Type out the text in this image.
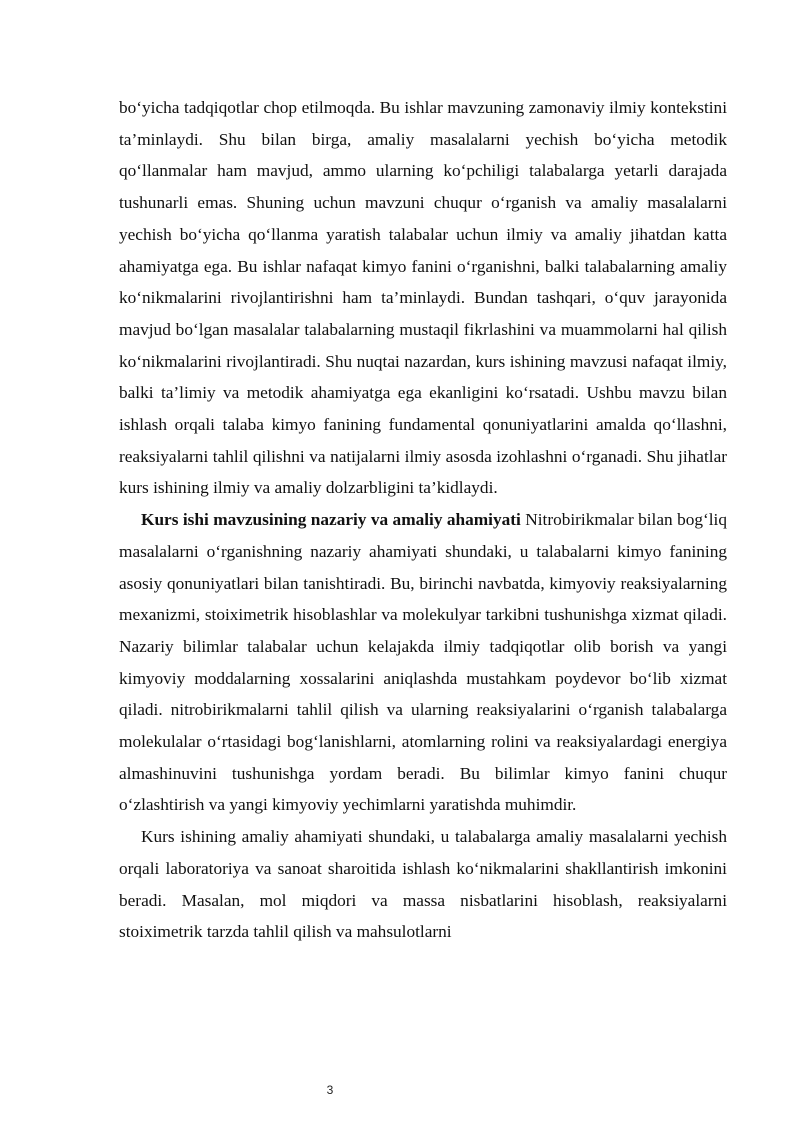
bo‘yicha tadqiqotlar chop etilmoqda. Bu ishlar mavzuning zamonaviy ilmiy kontekstini ta’minlaydi. Shu bilan birga, amaliy masalalarni yechish bo‘yicha metodik qo‘llanmalar ham mavjud, ammo ularning ko‘pchiligi talabalarga yetarli darajada tushunarli emas. Shuning uchun mavzuni chuqur o‘rganish va amaliy masalalarni yechish bo‘yicha qo‘llanma yaratish talabalar uchun ilmiy va amaliy jihatdan katta ahamiyatga ega. Bu ishlar nafaqat kimyo fanini o‘rganishni, balki talabalarning amaliy ko‘nikmalarini rivojlantirishni ham ta’minlaydi. Bundan tashqari, o‘quv jarayonida mavjud bo‘lgan masalalar talabalarning mustaqil fikrlashini va muammolarni hal qilish ko‘nikmalarini rivojlantiradi. Shu nuqtai nazardan, kurs ishining mavzusi nafaqat ilmiy, balki ta’limiy va metodik ahamiyatga ega ekanligini ko‘rsatadi. Ushbu mavzu bilan ishlash orqali talaba kimyo fanining fundamental qonuniyatlarini amalda qo‘llashni, reaksiyalarni tahlil qilishni va natijalarni ilmiy asosda izohlashni o‘rganadi. Shu jihatlar kurs ishining ilmiy va amaliy dolzarbligini ta’kidlaydi.

Kurs ishi mavzusining nazariy va amaliy ahamiyati Nitrobirikmalar bilan bog‘liq masalalarni o‘rganishning nazariy ahamiyati shundaki, u talabalarni kimyo fanining asosiy qonuniyatlari bilan tanishtiradi. Bu, birinchi navbatda, kimyoviy reaksiyalarning mexanizmi, stoiximetrik hisoblashlar va molekulyar tarkibni tushunishga xizmat qiladi. Nazariy bilimlar talabalar uchun kelajakda ilmiy tadqiqotlar olib borish va yangi kimyoviy moddalarning xossalarini aniqlashda mustahkam poydevor bo‘lib xizmat qiladi. nitrobirikmalarni tahlil qilish va ularning reaksiyalarini o‘rganish talabalarga molekulalar o‘rtasidagi bog‘lanishlarni, atomlarning rolini va reaksiyalardagi energiya almashinuvini tushunishga yordam beradi. Bu bilimlar kimyo fanini chuqur o‘zlashtirish va yangi kimyoviy yechimlarni yaratishda muhimdir.

Kurs ishining amaliy ahamiyati shundaki, u talabalarga amaliy masalalarni yechish orqali laboratoriya va sanoat sharoitida ishlash ko‘nikmalarini shakllantirish imkonini beradi. Masalan, mol miqdori va massa nisbatlarini hisoblash, reaksiyalarni stoiximetrik tarzda tahlil qilish va mahsulotlarni

3
